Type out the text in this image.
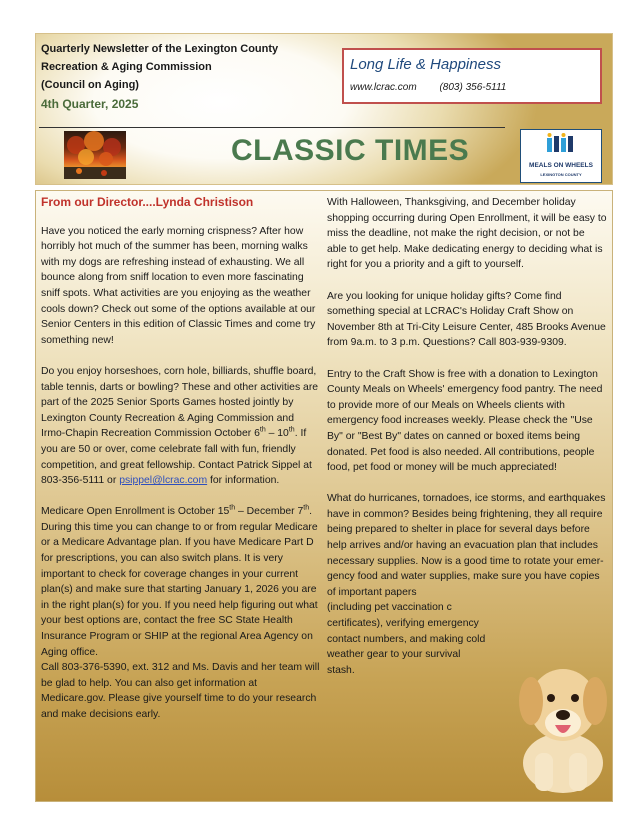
Quarterly Newsletter of the Lexington County
Recreation & Aging Commission
(Council on Aging)
4th Quarter, 2025
Long Life & Happiness
www.lcrac.com (803) 356-5111
CLASSIC TIMES	MEALS ON WHEELS
LEXINGTON COUNTY
From our Director....Lynda Christison

Have you noticed the early morning crispness? After how horribly hot much of the summer has been, morning walks with my dogs are refreshing instead of exhausting. We all bounce along from sniff location to even more fascinating sniff spots. What activities are you enjoying as the weather cools down? Check out some of the options available at our Senior Centers in this edition of Classic Times and come try something new!

Do you enjoy horseshoes, corn hole, billiards, shuffle board, table tennis, darts or bowling? These and other activities are part of the 2025 Senior Sports Games hosted jointly by Lexington County Recreation & Aging Commission and Irmo-Chapin Recreation Commission October 6th – 10th. If you are 50 or over, come celebrate fall with fun, friendly competition, and great fellowship. Contact Patrick Sippel at 803-356-5111 or psippel@lcrac.com for information.

Medicare Open Enrollment is October 15th – December 7th. During this time you can change to or from regular Medicare or a Medicare Advantage plan. If you have Medicare Part D for prescriptions, you can also switch plans. It is very important to check for coverage changes in your current plan(s) and make sure that starting January 1, 2026 you are in the right plan(s) for you. If you need help figuring out what your best options are, contact the free SC State Health Insurance Program or SHIP at the regional Area Agency on Aging office.

Call 803-376-5390, ext. 312 and Ms. Davis and her team will be glad to help. You can also get information at Medicare.gov. Please give yourself time to do your research and make decisions early.

With Halloween, Thanksgiving, and December holiday shopping occurring during Open Enrollment, it will be easy to miss the deadline, not make the right decision, or not be able to get help. Make dedicating energy to deciding what is right for you a priority and a gift to yourself.

Are you looking for unique holiday gifts? Come find something special at LCRAC's Holiday Craft Show on November 8th at Tri-City Leisure Center, 485 Brooks Avenue from 9a.m. to 3 p.m. Questions? Call 803-939-9309.

Entry to the Craft Show is free with a donation to Lexington County Meals on Wheels' emergency food pantry. The need to provide more of our Meals on Wheels clients with emergency food increases weekly. Please check the "Use By" or "Best By" dates on canned or boxed items being donated. Pet food is also needed. All contributions, people food, pet food or money will be much appreciated!

What do hurricanes, tornadoes, ice storms, and earthquakes have in common? Besides being frightening, they all require being prepared to shelter in place for several days before help arrives and/or having an evacuation plan that includes necessary supplies. Now is a good time to rotate your emer-gency food and water supplies, make sure you have copies of important papers

(including pet vaccination c
certificates), verifying emergency
contact numbers, and making cold
weather gear to your survival
stash.
